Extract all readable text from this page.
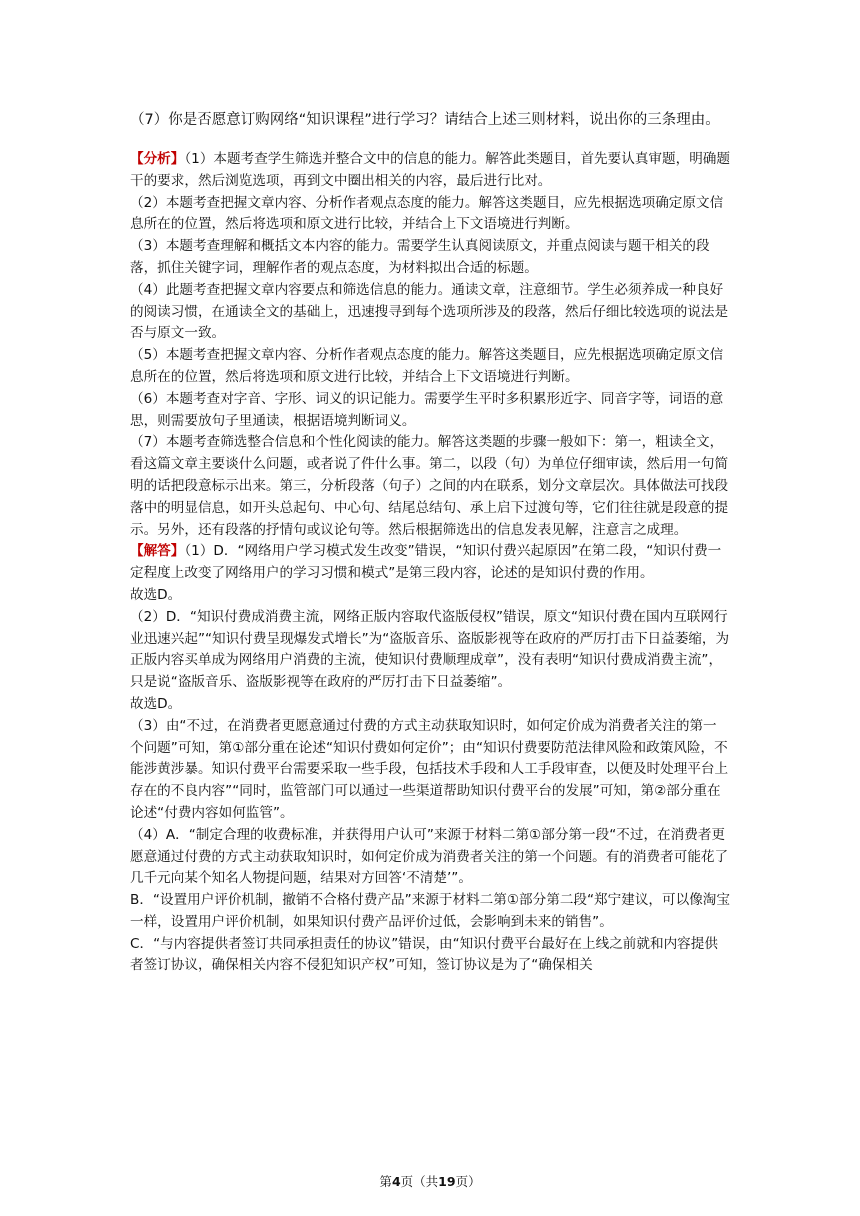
（7）你是否愿意订购网络“知识课程”进行学习？请结合上述三则材料，说出你的三条理由。

【分析】（1）本题考查学生筛选并整合文中的信息的能力。解答此类题目，首先要认真审题，明确题干的要求，然后浏览选项，再到文中圈出相关的内容，最后进行比对。

（2）本题考查把握文章内容、分析作者观点态度的能力。解答这类题目，应先根据选项确定原文信息所在的位置，然后将选项和原文进行比较，并结合上下文语境进行判断。

（3）本题考查理解和概括文本内容的能力。需要学生认真阅读原文，并重点阅读与题干相关的段落，抓住关键字词，理解作者的观点态度，为材料拟出合适的标题。

（4）此题考查把握文章内容要点和筛选信息的能力。通读文章，注意细节。学生必须养成一种良好的阅读习惯，在通读全文的基础上，迅速搜寻到每个选项所涉及的段落，然后仔细比较选项的说法是否与原文一致。

（5）本题考查把握文章内容、分析作者观点态度的能力。解答这类题目，应先根据选项确定原文信息所在的位置，然后将选项和原文进行比较，并结合上下文语境进行判断。

（6）本题考查对字音、字形、词义的识记能力。需要学生平时多积累形近字、同音字等，词语的意思，则需要放句子里通读，根据语境判断词义。

（7）本题考查筛选整合信息和个性化阅读的能力。解答这类题的步骤一般如下：第一，粗读全文，看这篇文章主要谈什么问题，或者说了件什么事。第二，以段（句）为单位仔细审读，然后用一句简明的话把段意标示出来。第三，分析段落（句子）之间的内在联系，划分文章层次。具体做法可找段落中的明显信息，如开头总起句、中心句、结尾总结句、承上启下过渡句等，它们往往就是段意的提示。另外，还有段落的抒情句或议论句等。然后根据筛选出的信息发表见解，注意言之成理。

【解答】（1）D．“网络用户学习模式发生改变”错误，“知识付费兴起原因”在第二段，“知识付费一定程度上改变了网络用户的学习习惯和模式”是第三段内容，论述的是知识付费的作用。

故选D。

（2）D．“知识付费成消费主流，网络正版内容取代盗版侵权”错误，原文“知识付费在国内互联网行业迅速兴起”“知识付费呈现爆发式增长”为“盗版音乐、盗版影视等在政府的严厉打击下日益萎缩，为正版内容买单成为网络用户消费的主流，使知识付费顺理成章”，没有表明“知识付费成消费主流”，只是说“盗版音乐、盗版影视等在政府的严厉打击下日益萎缩”。

故选D。

（3）由“不过，在消费者更愿意通过付费的方式主动获取知识时，如何定价成为消费者关注的第一个问题”可知，第①部分重在论述“知识付费如何定价”；由“知识付费要防范法律风险和政策风险，不能涉黄涉暴。知识付费平台需要采取一些手段，包括技术手段和人工手段审查，以便及时处理平台上存在的不良内容”“同时，监管部门可以通过一些渠道帮助知识付费平台的发展”可知，第②部分重在论述“付费内容如何监管”。

（4）A．“制定合理的收费标准，并获得用户认可”来源于材料二第①部分第一段“不过，在消费者更愿意通过付费的方式主动获取知识时，如何定价成为消费者关注的第一个问题。有的消费者可能花了几千元向某个知名人物提问题，结果对方回答‘不清楚’”。

B．“设置用户评价机制，撤销不合格付费产品”来源于材料二第①部分第二段“郑宁建议，可以像淘宝一样，设置用户评价机制，如果知识付费产品评价过低，会影响到未来的销售”。

C．“与内容提供者签订共同承担责任的协议”错误，由“知识付费平台最好在上线之前就和内容提供者签订协议，确保相关内容不侵犯知识产权”可知，签订协议是为了“确保相关

第4页（共19页）
